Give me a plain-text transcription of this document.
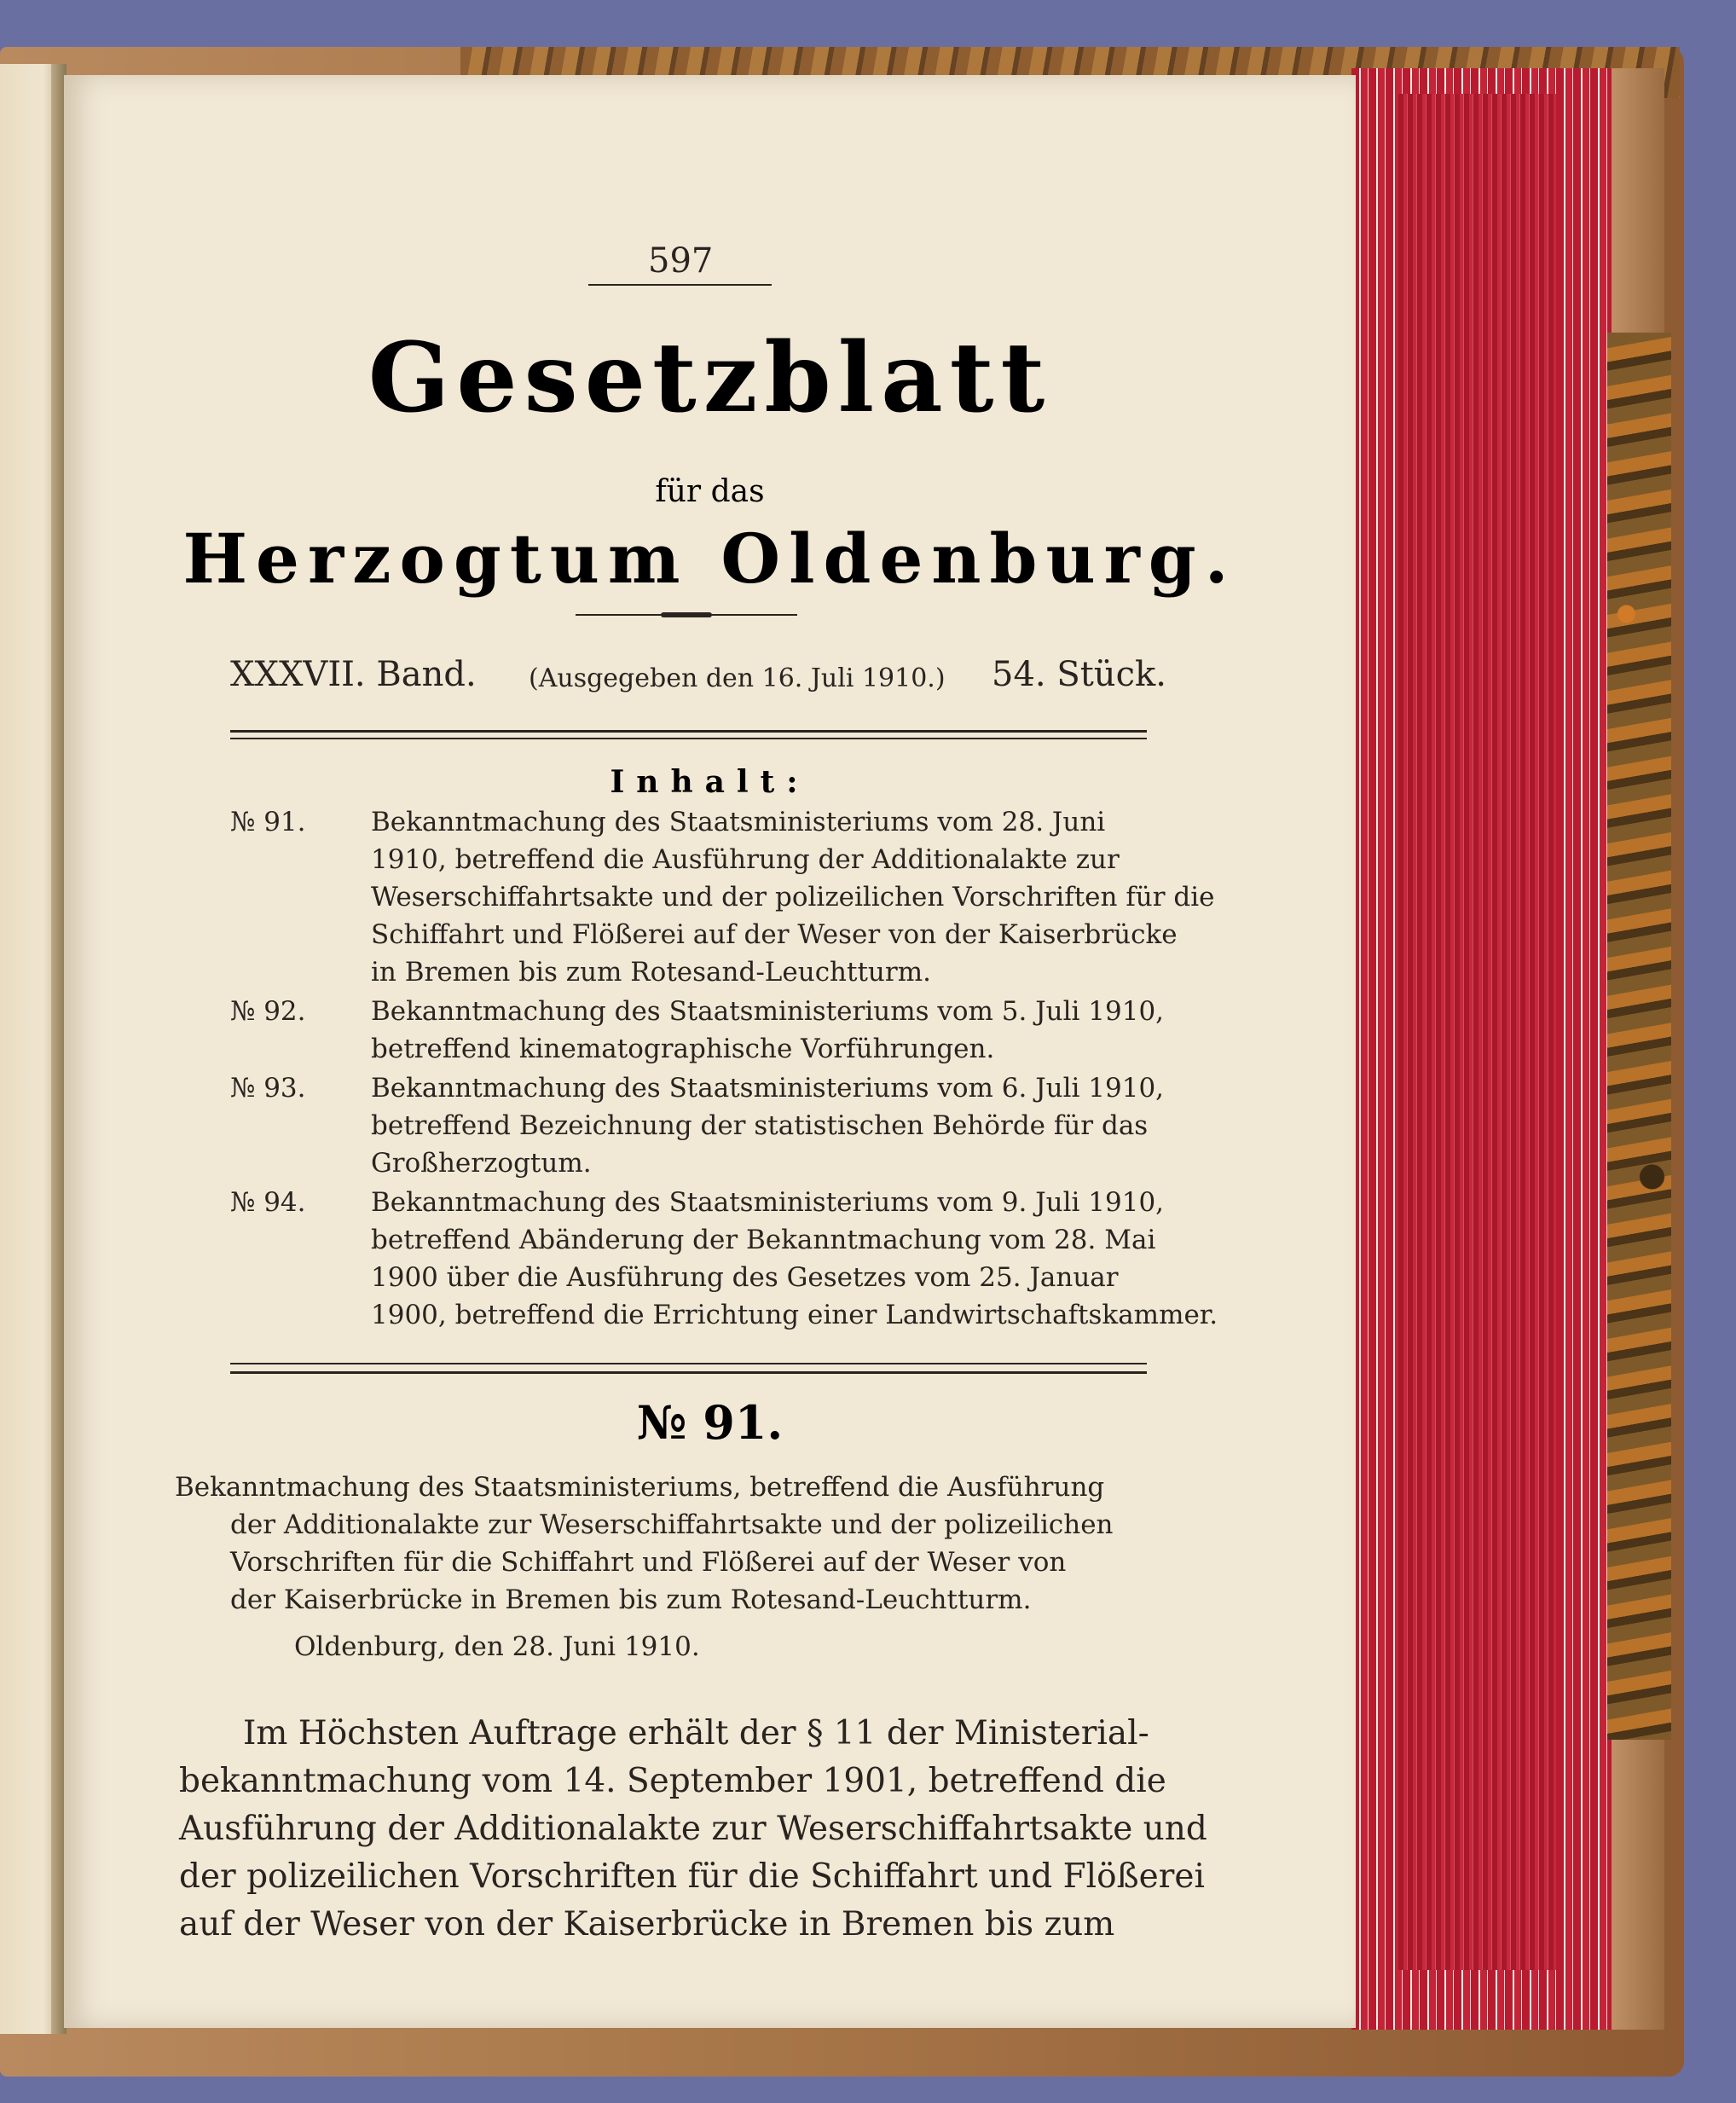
597
Gesetzblatt
für das
Herzogtum Oldenburg.
XXXVII. Band. (Ausgegeben den 16. Juli 1910.) 54. Stück.
Inhalt:
№ 91. Bekanntmachung des Staatsministeriums vom 28. Juni
1910, betreffend die Ausführung der Additionalakte zur
Weserschiffahrtsakte und der polizeilichen Vorschriften für die
Schiffahrt und Flößerei auf der Weser von der Kaiserbrücke
in Bremen bis zum Rotesand-Leuchtturm.
№ 92. Bekanntmachung des Staatsministeriums vom 5. Juli 1910,
betreffend kinematographische Vorführungen.
№ 93. Bekanntmachung des Staatsministeriums vom 6. Juli 1910,
betreffend Bezeichnung der statistischen Behörde für das
Großherzogtum.
№ 94. Bekanntmachung des Staatsministeriums vom 9. Juli 1910,
betreffend Abänderung der Bekanntmachung vom 28. Mai
1900 über die Ausführung des Gesetzes vom 25. Januar
1900, betreffend die Errichtung einer Landwirtschaftskammer.
№ 91.
Bekanntmachung des Staatsministeriums, betreffend die Ausführung
der Additionalakte zur Weserschiffahrtsakte und der polizeilichen
Vorschriften für die Schiffahrt und Flößerei auf der Weser von
der Kaiserbrücke in Bremen bis zum Rotesand-Leuchtturm.
Oldenburg, den 28. Juni 1910.
Im Höchsten Auftrage erhält der § 11 der Ministerial-
bekanntmachung vom 14. September 1901, betreffend die
Ausführung der Additionalakte zur Weserschiffahrtsakte und
der polizeilichen Vorschriften für die Schiffahrt und Flößerei
auf der Weser von der Kaiserbrücke in Bremen bis zum
